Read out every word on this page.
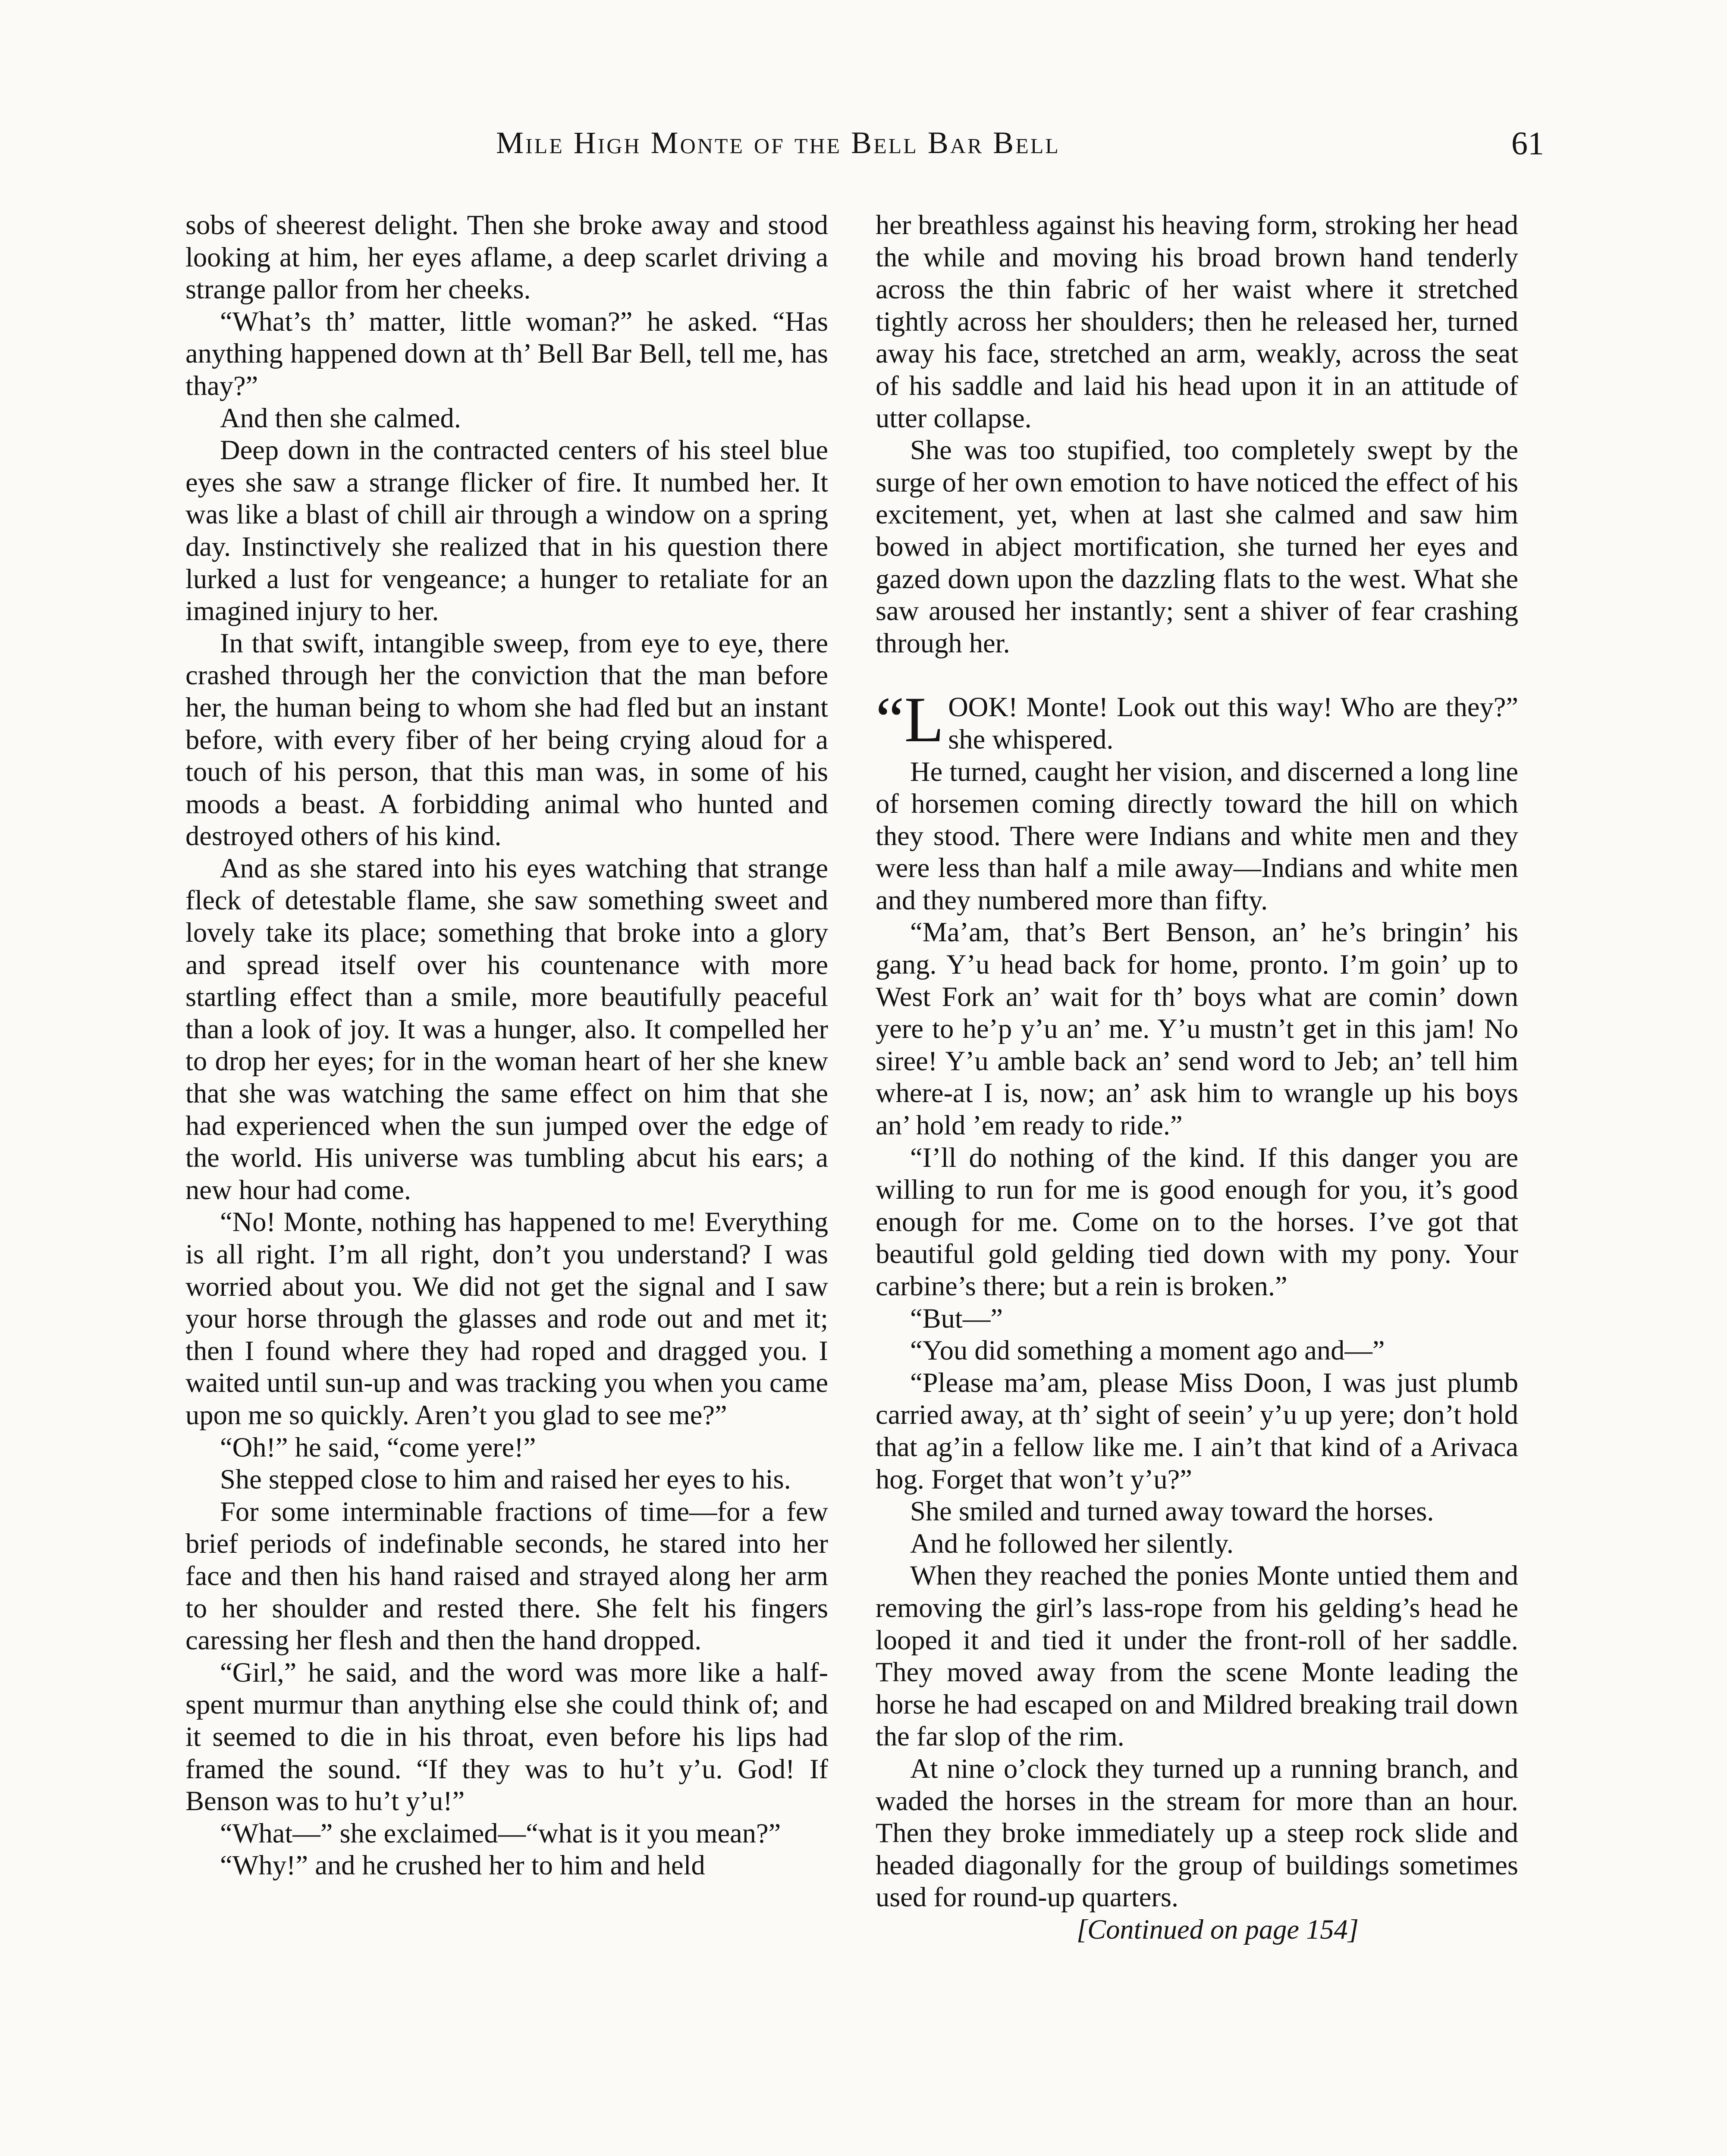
Mile High Monte of the Bell Bar Bell	61

sobs of sheerest delight. Then she broke away and stood looking at him, her eyes aflame, a deep scarlet driving a strange pallor from her cheeks.

“What’s th’ matter, little woman?” he asked. “Has anything happened down at th’ Bell Bar Bell, tell me, has thay?”

And then she calmed.

Deep down in the contracted centers of his steel blue eyes she saw a strange flicker of fire. It numbed her. It was like a blast of chill air through a window on a spring day. Instinctively she realized that in his question there lurked a lust for vengeance; a hunger to retaliate for an imagined injury to her.

In that swift, intangible sweep, from eye to eye, there crashed through her the conviction that the man before her, the human being to whom she had fled but an instant before, with every fiber of her being crying aloud for a touch of his person, that this man was, in some of his moods a beast. A forbidding animal who hunted and destroyed others of his kind.

And as she stared into his eyes watching that strange fleck of detestable flame, she saw something sweet and lovely take its place; something that broke into a glory and spread itself over his countenance with more startling effect than a smile, more beautifully peaceful than a look of joy. It was a hunger, also. It compelled her to drop her eyes; for in the woman heart of her she knew that she was watching the same effect on him that she had experienced when the sun jumped over the edge of the world. His universe was tumbling abcut his ears; a new hour had come.

“No! Monte, nothing has happened to me! Everything is all right. I’m all right, don’t you understand? I was worried about you. We did not get the signal and I saw your horse through the glasses and rode out and met it; then I found where they had roped and dragged you. I waited until sun-up and was tracking you when you came upon me so quickly. Aren’t you glad to see me?”

“Oh!” he said, “come yere!”

She stepped close to him and raised her eyes to his.

For some interminable fractions of time—for a few brief periods of indefinable seconds, he stared into her face and then his hand raised and strayed along her arm to her shoulder and rested there. She felt his fingers caressing her flesh and then the hand dropped.

“Girl,” he said, and the word was more like a half-spent murmur than anything else she could think of; and it seemed to die in his throat, even before his lips had framed the sound. “If they was to hu’t y’u. God! If Benson was to hu’t y’u!”

“What—” she exclaimed—“what is it you mean?”

“Why!” and he crushed her to him and held

her breathless against his heaving form, stroking her head the while and moving his broad brown hand tenderly across the thin fabric of her waist where it stretched tightly across her shoulders; then he released her, turned away his face, stretched an arm, weakly, across the seat of his saddle and laid his head upon it in an attitude of utter collapse.

She was too stupified, too completely swept by the surge of her own emotion to have noticed the effect of his excitement, yet, when at last she calmed and saw him bowed in abject mortification, she turned her eyes and gazed down upon the dazzling flats to the west. What she saw aroused her instantly; sent a shiver of fear crashing through her.

“L OOK! Monte! Look out this way! Who are they?” she whispered.

He turned, caught her vision, and discerned a long line of horsemen coming directly toward the hill on which they stood. There were Indians and white men and they were less than half a mile away—Indians and white men and they numbered more than fifty.

“Ma’am, that’s Bert Benson, an’ he’s bringin’ his gang. Y’u head back for home, pronto. I’m goin’ up to West Fork an’ wait for th’ boys what are comin’ down yere to he’p y’u an’ me. Y’u mustn’t get in this jam! No siree! Y’u amble back an’ send word to Jeb; an’ tell him where-at I is, now; an’ ask him to wrangle up his boys an’ hold ’em ready to ride.”

“I’ll do nothing of the kind. If this danger you are willing to run for me is good enough for you, it’s good enough for me. Come on to the horses. I’ve got that beautiful gold gelding tied down with my pony. Your carbine’s there; but a rein is broken.”

“But—”

“You did something a moment ago and—”

“Please ma’am, please Miss Doon, I was just plumb carried away, at th’ sight of seein’ y’u up yere; don’t hold that ag’in a fellow like me. I ain’t that kind of a Arivaca hog. Forget that won’t y’u?”

She smiled and turned away toward the horses.

And he followed her silently.

When they reached the ponies Monte untied them and removing the girl’s lass-rope from his gelding’s head he looped it and tied it under the front-roll of her saddle. They moved away from the scene Monte leading the horse he had escaped on and Mildred breaking trail down the far slop of the rim.

At nine o’clock they turned up a running branch, and waded the horses in the stream for more than an hour. Then they broke immediately up a steep rock slide and headed diagonally for the group of buildings sometimes used for round-up quarters.

[Continued on page 154]
